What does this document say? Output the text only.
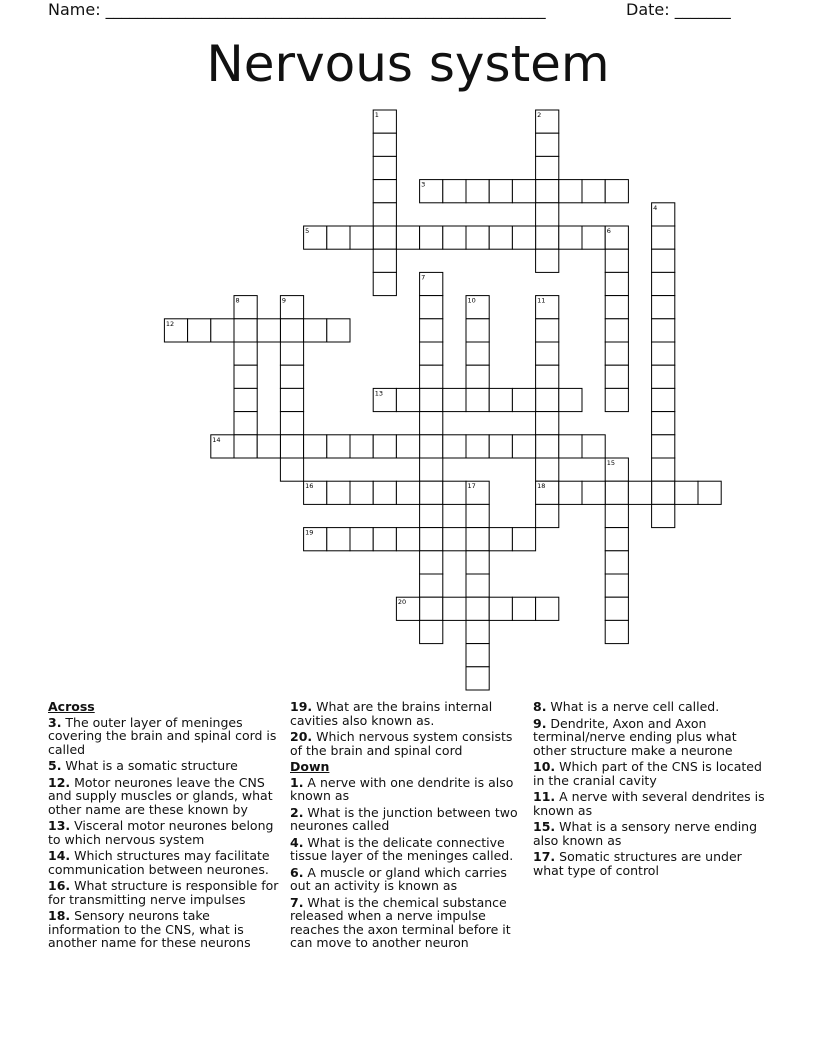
Name: _______________________________________________________	Date: _______
Nervous system
1	2
3
4
5	6
7
8	9	10	11
12
13
14
15
16	17	18
19
20
Across
3. The outer layer of meninges covering the brain and spinal cord is called
5. What is a somatic structure
12. Motor neurones leave the CNS and supply muscles or glands, what other name are these known by
13. Visceral motor neurones belong to which nervous system
14. Which structures may facilitate communication between neurones.
16. What structure is responsible for for transmitting nerve impulses
18. Sensory neurons take information to the CNS, what is another name for these neurons
19. What are the brains internal cavities also known as.
20. Which nervous system consists of the brain and spinal cord
Down
1. A nerve with one dendrite is also known as
2. What is the junction between two neurones called
4. What is the delicate connective tissue layer of the meninges called.
6. A muscle or gland which carries out an activity is known as
7. What is the chemical substance released when a nerve impulse reaches the axon terminal before it can move to another neuron
8. What is a nerve cell called.
9. Dendrite, Axon and Axon terminal/nerve ending plus what other structure make a neurone
10. Which part of the CNS is located in the cranial cavity
11. A nerve with several dendrites is known as
15. What is a sensory nerve ending also known as
17. Somatic structures are under what type of control
